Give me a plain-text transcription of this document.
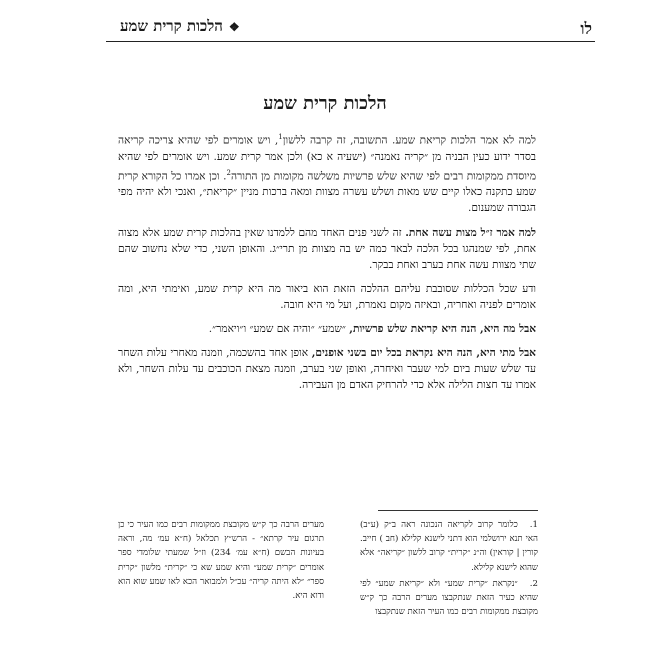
לו
❖הלכות קרית שמע
הלכות קרית שמע

למה לא אמר הלכות קריאת שמע. התשובה, זה קרבה ללשון$^1$, ויש אומרים לפי שהיא צריכה קריאה בסדר ידוע כעין הבניה מן ״קריה נאמנה״ (ישעיה א כא) ולכן אמר קרית שמע. ויש אומרים לפי שהיא מיוסדת ממקומות רבים לפי שהיא שלש פרשיות משלשה מקומות מן התורה$^2$. וכן אמרו כל הקורא קרית שמע כתקנה כאלו קיים שש מאות ושלש עשרה מצוות ומאה ברכות מניין ״קריאת״, ואנכי ולא יהיה מפי הגבורה שמענום.

למה אמר ז״ל מצות עשה אחת. זה לשני פנים האחד מהם ללמדנו שאין בהלכות קרית שמע אלא מצוה אחת, לפי שמנהגו בכל הלכה לבאר כמה יש בה מצוות מן תרי״ג. והאופן השני, כדי שלא נחשוב שהם שתי מצוות עשה אחת בערב ואחת בבקר.

ודע שכל הכללות שסובבת עליהם ההלכה הזאת הוא ביאור מה היא קרית שמע, ואימתי היא, ומה אומרים לפניה ואחריה, ובאיזה מקום נאמרת, ועל מי היא חובה.

אבל מה היא, הנה היא קריאת שלש פרשיות, ״שמע״ ״והיה אם שמע״ ו״ויאמר״.

אבל מתי היא, הנה היא נקראת בכל יום בשני אופנים, אופן אחד בהשכמה, וזמנה מאחרי עלות השחר עד שלש שעות ביום למי שעבר ואיחרה, ואופן שני בערב, וזמנה מצאת הכוכבים עד עלות השחר, ולא אמרו עד חצות הלילה אלא כדי להרחיק האדם מן העבירה.

1.כלומר קרוב לקריאה הנכונה ראה ב״ק (ע״ב) האי תנא ירושלמי הוא דתני לישנא קלילא (חב ) חייב. קורין | קוראין) וה״נ ״קרית״ קרוב ללשון ״קריאה״ אלא שהוא לישנא קלילא.
2.״נקראת ״קרית שמע״ ולא ״קריאת שמע״ לפי שהיא כעיר הזאת שנתקבצו מערים הרבה כך ק״ש מקובצת ממקומות רבים כמו העיר הזאת שנתקבצו
מערים הרבה כך ק״ש מקובצת ממקומות רבים כמו העיר כי כן תרגום עיר קרתא״ - הרש״ץ תכלאל (ח״א עמ׳ מה, וראה בעיונות הבשם (ח״א עמ׳ 234) וז״ל שמעתי שלומדי ספר אומרים ״קרית שמע״ והיא שמע שא כי ״קרית״ מלשון ״קרית ספר״ ״לא היתה קריה״ עכ״ל ולמבואר הכא לאו שמע שוא הוא ודוא היא.
